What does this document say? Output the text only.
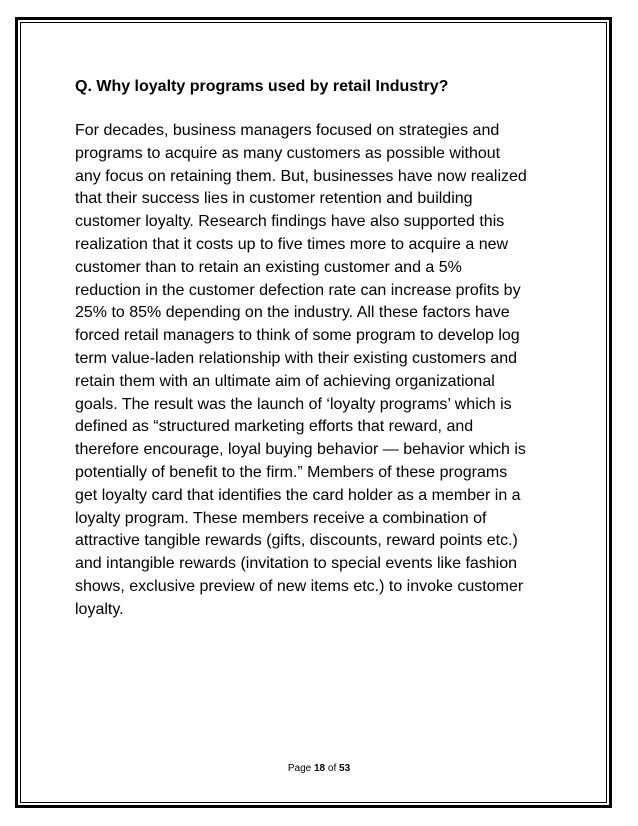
Q. Why loyalty programs used by retail Industry?

For decades, business managers focused on strategies and
programs to acquire as many customers as possible without
any focus on retaining them. But, businesses have now realized
that their success lies in customer retention and building
customer loyalty. Research findings have also supported this
realization that it costs up to five times more to acquire a new
customer than to retain an existing customer and a 5%
reduction in the customer defection rate can increase profits by
25% to 85% depending on the industry. All these factors have
forced retail managers to think of some program to develop log
term value-laden relationship with their existing customers and
retain them with an ultimate aim of achieving organizational
goals. The result was the launch of ‘loyalty programs’ which is
defined as “structured marketing efforts that reward, and
therefore encourage, loyal buying behavior — behavior which is
potentially of benefit to the firm.” Members of these programs
get loyalty card that identifies the card holder as a member in a
loyalty program. These members receive a combination of
attractive tangible rewards (gifts, discounts, reward points etc.)
and intangible rewards (invitation to special events like fashion
shows, exclusive preview of new items etc.) to invoke customer
loyalty.

Page 18 of 53
